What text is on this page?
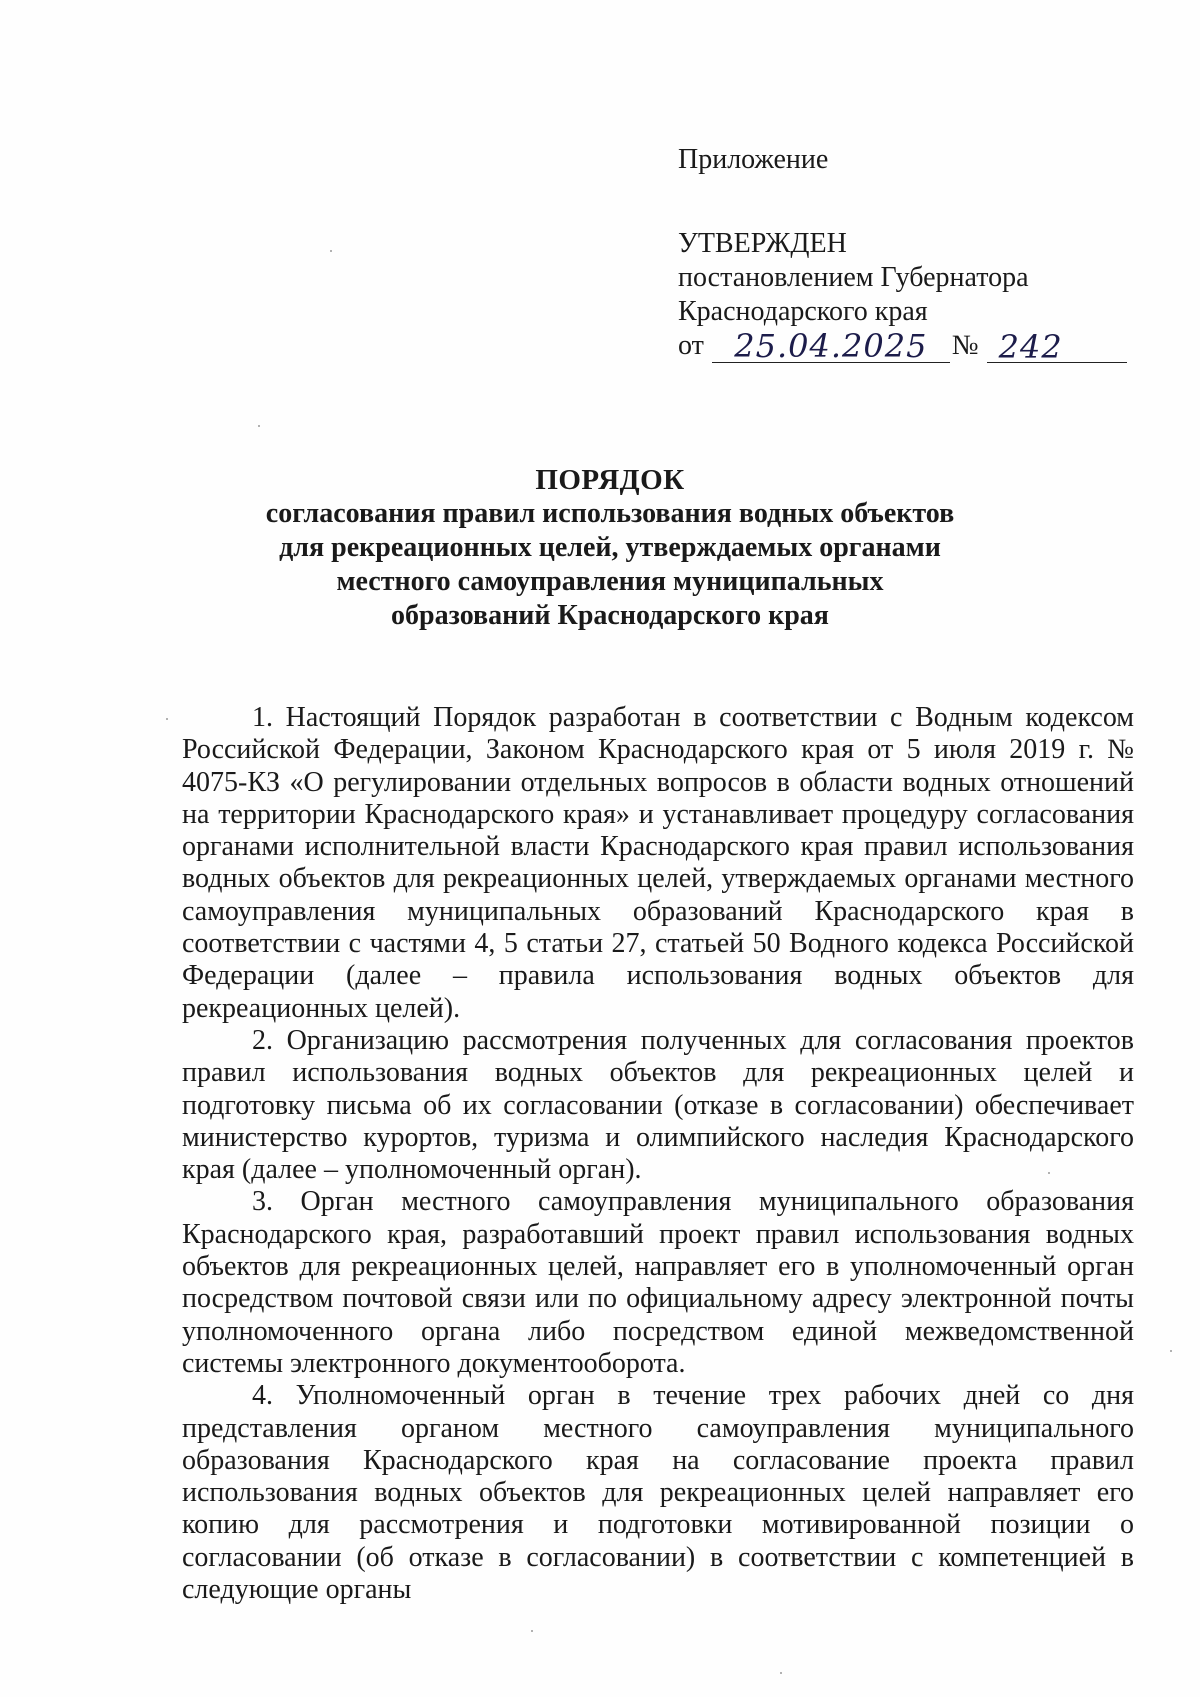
Приложение
УТВЕРЖДЕН
постановлением Губернатора
Краснодарского края
от 25.04.2025 № 242
ПОРЯДОК
согласования правил использования водных объектов
для рекреационных целей, утверждаемых органами
местного самоуправления муниципальных
образований Краснодарского края

1. Настоящий Порядок разработан в соответствии с Водным кодексом Российской Федерации, Законом Краснодарского края от 5 июля 2019 г. № 4075-КЗ «О регулировании отдельных вопросов в области водных отношений на территории Краснодарского края» и устанавливает процедуру согласования органами исполнительной власти Краснодарского края правил использования водных объектов для рекреационных целей, утверждаемых органами местного самоуправления муниципальных образований Краснодарского края в соответствии с частями 4, 5 статьи 27, статьей 50 Водного кодекса Российской Федерации (далее – правила использования водных объектов для рекреационных целей).

2. Организацию рассмотрения полученных для согласования проектов правил использования водных объектов для рекреационных целей и подготовку письма об их согласовании (отказе в согласовании) обеспечивает министерство курортов, туризма и олимпийского наследия Краснодарского края (далее – уполномоченный орган).

3. Орган местного самоуправления муниципального образования Краснодарского края, разработавший проект правил использования водных объектов для рекреационных целей, направляет его в уполномоченный орган посредством почтовой связи или по официальному адресу электронной почты уполномоченного органа либо посредством единой межведомственной системы электронного документооборота.

4. Уполномоченный орган в течение трех рабочих дней со дня представления органом местного самоуправления муниципального образования Краснодарского края на согласование проекта правил использования водных объектов для рекреационных целей направляет его копию для рассмотрения и подготовки мотивированной позиции о согласовании (об отказе в согласовании) в соответствии с компетенцией в следующие органы
